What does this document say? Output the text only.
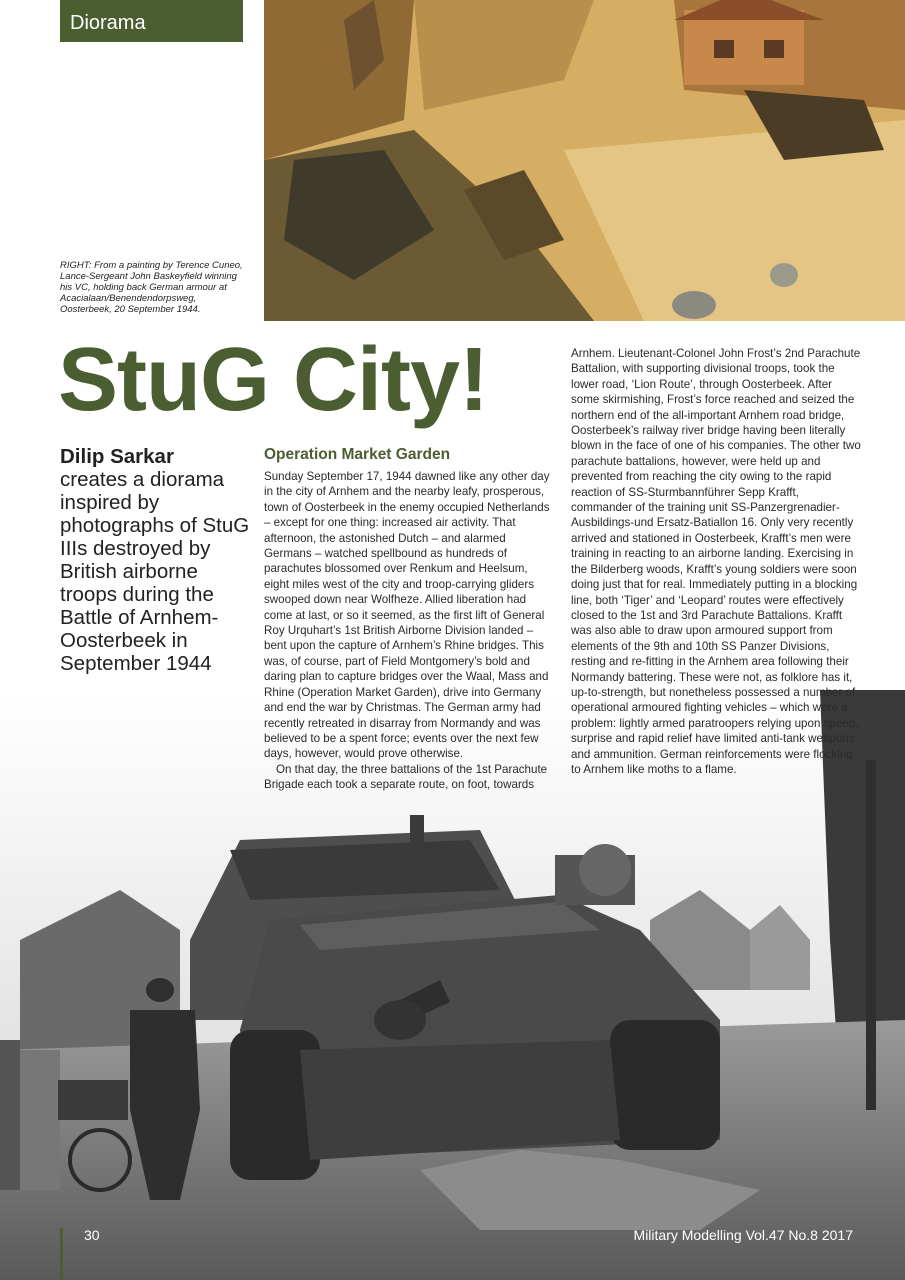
Diorama
RIGHT: From a painting by Terence Cuneo, Lance-Sergeant John Baskeyfield winning his VC, holding back German armour at Acacialaan/Benendendorpsweg, Oosterbeek, 20 September 1944.
StuG City!
Dilip Sarkar
creates a diorama inspired by photographs of StuG IIIs destroyed by British airborne troops during the Battle of Arnhem-Oosterbeek in September 1944
Operation Market Garden

Sunday September 17, 1944 dawned like any other day in the city of Arnhem and the nearby leafy, prosperous, town of Oosterbeek in the enemy occupied Netherlands – except for one thing: increased air activity. That afternoon, the astonished Dutch – and alarmed Germans – watched spellbound as hundreds of parachutes blossomed over Renkum and Heelsum, eight miles west of the city and troop-carrying gliders swooped down near Wolfheze. Allied liberation had come at last, or so it seemed, as the first lift of General Roy Urquhart’s 1st British Airborne Division landed – bent upon the capture of Arnhem’s Rhine bridges. This was, of course, part of Field Montgomery’s bold and daring plan to capture bridges over the Waal, Mass and Rhine (Operation Market Garden), drive into Germany and end the war by Christmas. The German army had recently retreated in disarray from Normandy and was believed to be a spent force; events over the next few days, however, would prove otherwise.

On that day, the three battalions of the 1st Parachute Brigade each took a separate route, on foot, towards

Arnhem. Lieutenant-Colonel John Frost’s 2nd Parachute Battalion, with supporting divisional troops, took the lower road, ‘Lion Route’, through Oosterbeek. After some skirmishing, Frost’s force reached and seized the northern end of the all-important Arnhem road bridge, Oosterbeek’s railway river bridge having been literally blown in the face of one of his companies. The other two parachute battalions, however, were held up and prevented from reaching the city owing to the rapid reaction of SS-Sturmbannführer Sepp Krafft, commander of the training unit SS-Panzergrenadier-Ausbildings-und Ersatz-Batiallon 16. Only very recently arrived and stationed in Oosterbeek, Krafft’s men were training in reacting to an airborne landing. Exercising in the Bilderberg woods, Krafft’s young soldiers were soon doing just that for real. Immediately putting in a blocking line, both ‘Tiger’ and ‘Leopard’ routes were effectively closed to the 1st and 3rd Parachute Battalions. Krafft was also able to draw upon armoured support from elements of the 9th and 10th SS Panzer Divisions, resting and re-fitting in the Arnhem area following their Normandy battering. These were not, as folklore has it, up-to-strength, but nonetheless possessed a number of operational armoured fighting vehicles – which were a problem: lightly armed paratroopers relying upon speed, surprise and rapid relief have limited anti-tank weapons and ammunition. German reinforcements were flocking to Arnhem like moths to a flame.

30	Military Modelling Vol.47 No.8 2017
